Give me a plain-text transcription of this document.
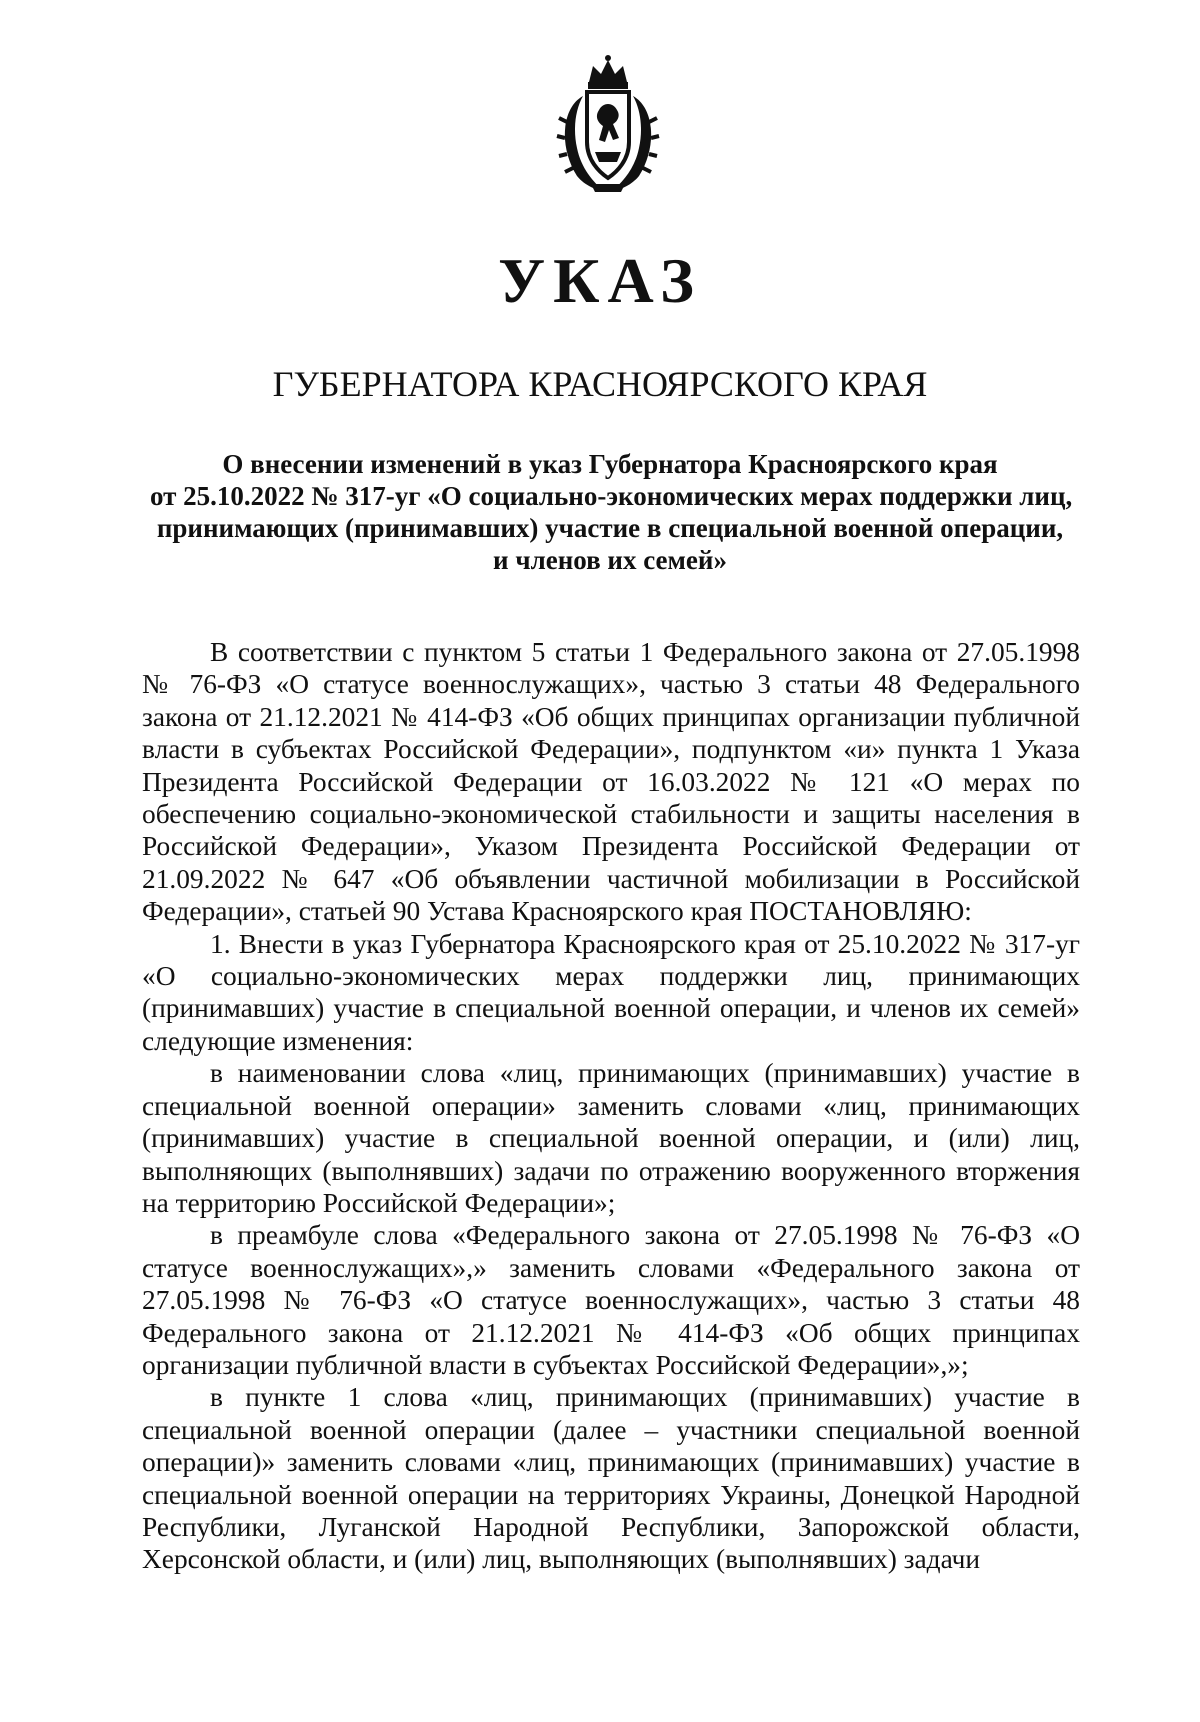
УКАЗ
ГУБЕРНАТОРА КРАСНОЯРСКОГО КРАЯ
О внесении изменений в указ Губернатора Красноярского края
от 25.10.2022 № 317-уг «О социально-экономических мерах поддержки лиц,
принимающих (принимавших) участие в специальной военной операции,
и членов их семей»

В соответствии с пунктом 5 статьи 1 Федерального закона от 27.05.1998 № 76-ФЗ «О статусе военнослужащих», частью 3 статьи 48 Федерального закона от 21.12.2021 № 414-ФЗ «Об общих принципах организации публичной власти в субъектах Российской Федерации», подпунктом «и» пункта 1 Указа Президента Российской Федерации от 16.03.2022 № 121 «О мерах по обеспечению социально-экономической стабильности и защиты населения в Российской Федерации», Указом Президента Российской Федерации от 21.09.2022 № 647 «Об объявлении частичной мобилизации в Российской Федерации», статьей 90 Устава Красноярского края ПОСТАНОВЛЯЮ:

1. Внести в указ Губернатора Красноярского края от 25.10.2022 № 317-уг «О социально-экономических мерах поддержки лиц, принимающих (принимавших) участие в специальной военной операции, и членов их семей» следующие изменения:

в наименовании слова «лиц, принимающих (принимавших) участие в специальной военной операции» заменить словами «лиц, принимающих (принимавших) участие в специальной военной операции, и (или) лиц, выполняющих (выполнявших) задачи по отражению вооруженного вторжения на территорию Российской Федерации»;

в преамбуле слова «Федерального закона от 27.05.1998 № 76-ФЗ «О статусе военнослужащих»,» заменить словами «Федерального закона от 27.05.1998 № 76-ФЗ «О статусе военнослужащих», частью 3 статьи 48 Федерального закона от 21.12.2021 № 414-ФЗ «Об общих принципах организации публичной власти в субъектах Российской Федерации»,»;

в пункте 1 слова «лиц, принимающих (принимавших) участие в специальной военной операции (далее – участники специальной военной операции)» заменить словами «лиц, принимающих (принимавших) участие в специальной военной операции на территориях Украины, Донецкой Народной Республики, Луганской Народной Республики, Запорожской области, Херсонской области, и (или) лиц, выполняющих (выполнявших) задачи
